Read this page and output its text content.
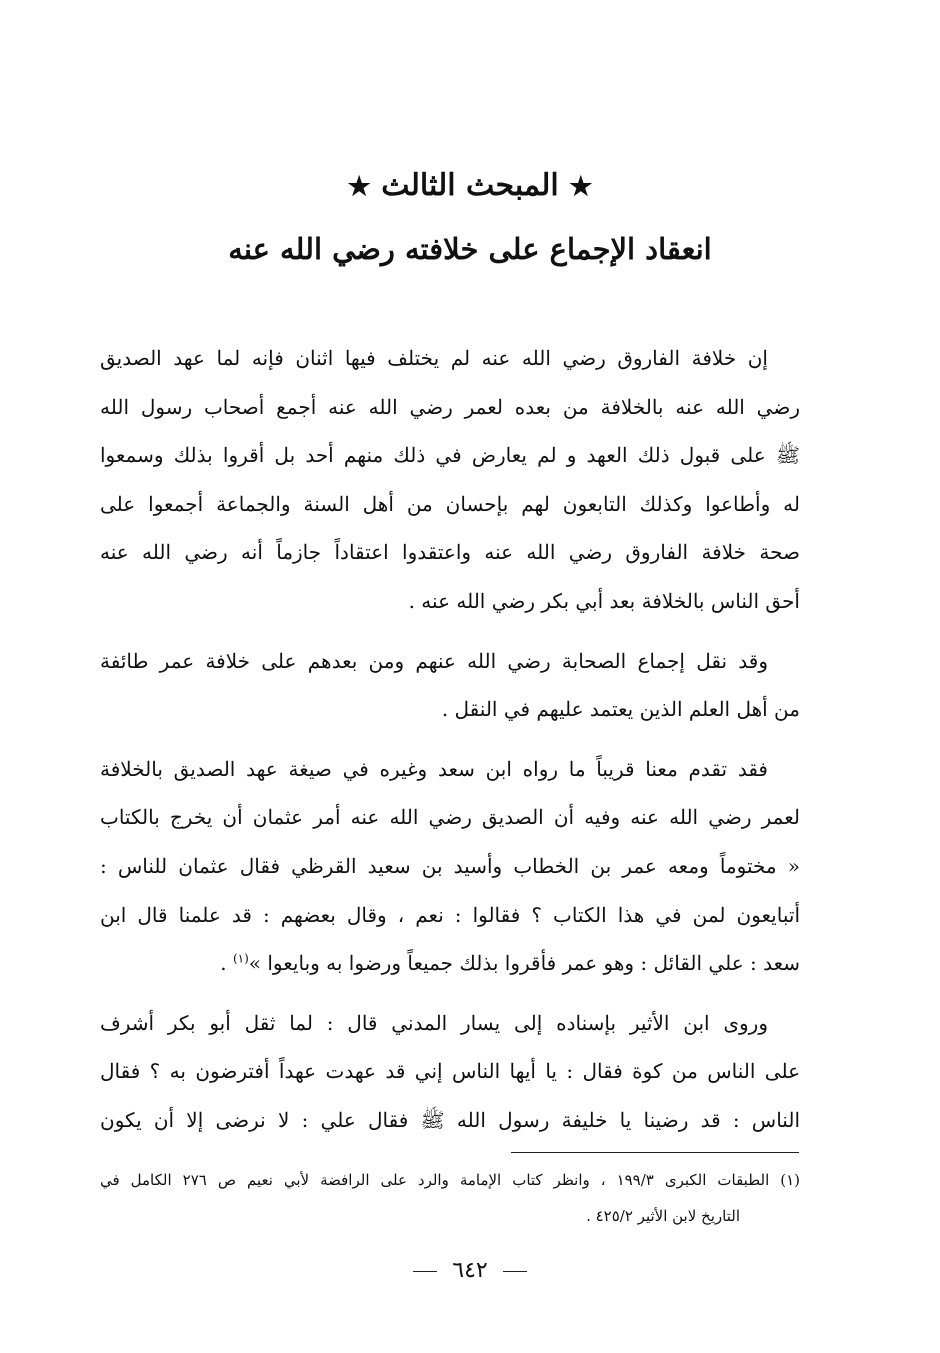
★ المبحث الثالث ★
انعقاد الإجماع على خلافته رضي الله عنه
إن خلافة الفاروق رضي الله عنه لم يختلف فيها اثنان فإنه لما عهد الصديق
رضي الله عنه بالخلافة من بعده لعمر رضي الله عنه أجمع أصحاب رسول الله
ﷺ على قبول ذلك العهد و لم يعارض في ذلك منهم أحد بل أقروا بذلك وسمعوا
له وأطاعوا وكذلك التابعون لهم بإحسان من أهل السنة والجماعة أجمعوا على
صحة خلافة الفاروق رضي الله عنه واعتقدوا اعتقاداً جازماً أنه رضي الله عنه
أحق الناس بالخلافة بعد أبي بكر رضي الله عنه .
وقد نقل إجماع الصحابة رضي الله عنهم ومن بعدهم على خلافة عمر طائفة
من أهل العلم الذين يعتمد عليهم في النقل .
فقد تقدم معنا قريباً ما رواه ابن سعد وغيره في صيغة عهد الصديق بالخلافة
لعمر رضي الله عنه وفيه أن الصديق رضي الله عنه أمر عثمان أن يخرج بالكتاب
« مختوماً ومعه عمر بن الخطاب وأسيد بن سعيد القرظي فقال عثمان للناس :
أتبايعون لمن في هذا الكتاب ؟ فقالوا : نعم ، وقال بعضهم : قد علمنا قال ابن
سعد : علي القائل : وهو عمر فأقروا بذلك جميعاً ورضوا به وبايعوا »$^{(١)}$ .
وروى ابن الأثير بإسناده إلى يسار المدني قال : لما ثقل أبو بكر أشرف
على الناس من كوة فقال : يا أيها الناس إني قد عهدت عهداً أفترضون به ؟ فقال
الناس : قد رضينا يا خليفة رسول الله ﷺ فقال علي : لا نرضى إلا أن يكون
(١) الطبقات الكبرى ١٩٩/٣ ، وانظر كتاب الإمامة والرد على الرافضة لأبي نعيم ص ٢٧٦ الكامل في
التاريخ لابن الأثير ٤٢٥/٢ .
٦٤٢
